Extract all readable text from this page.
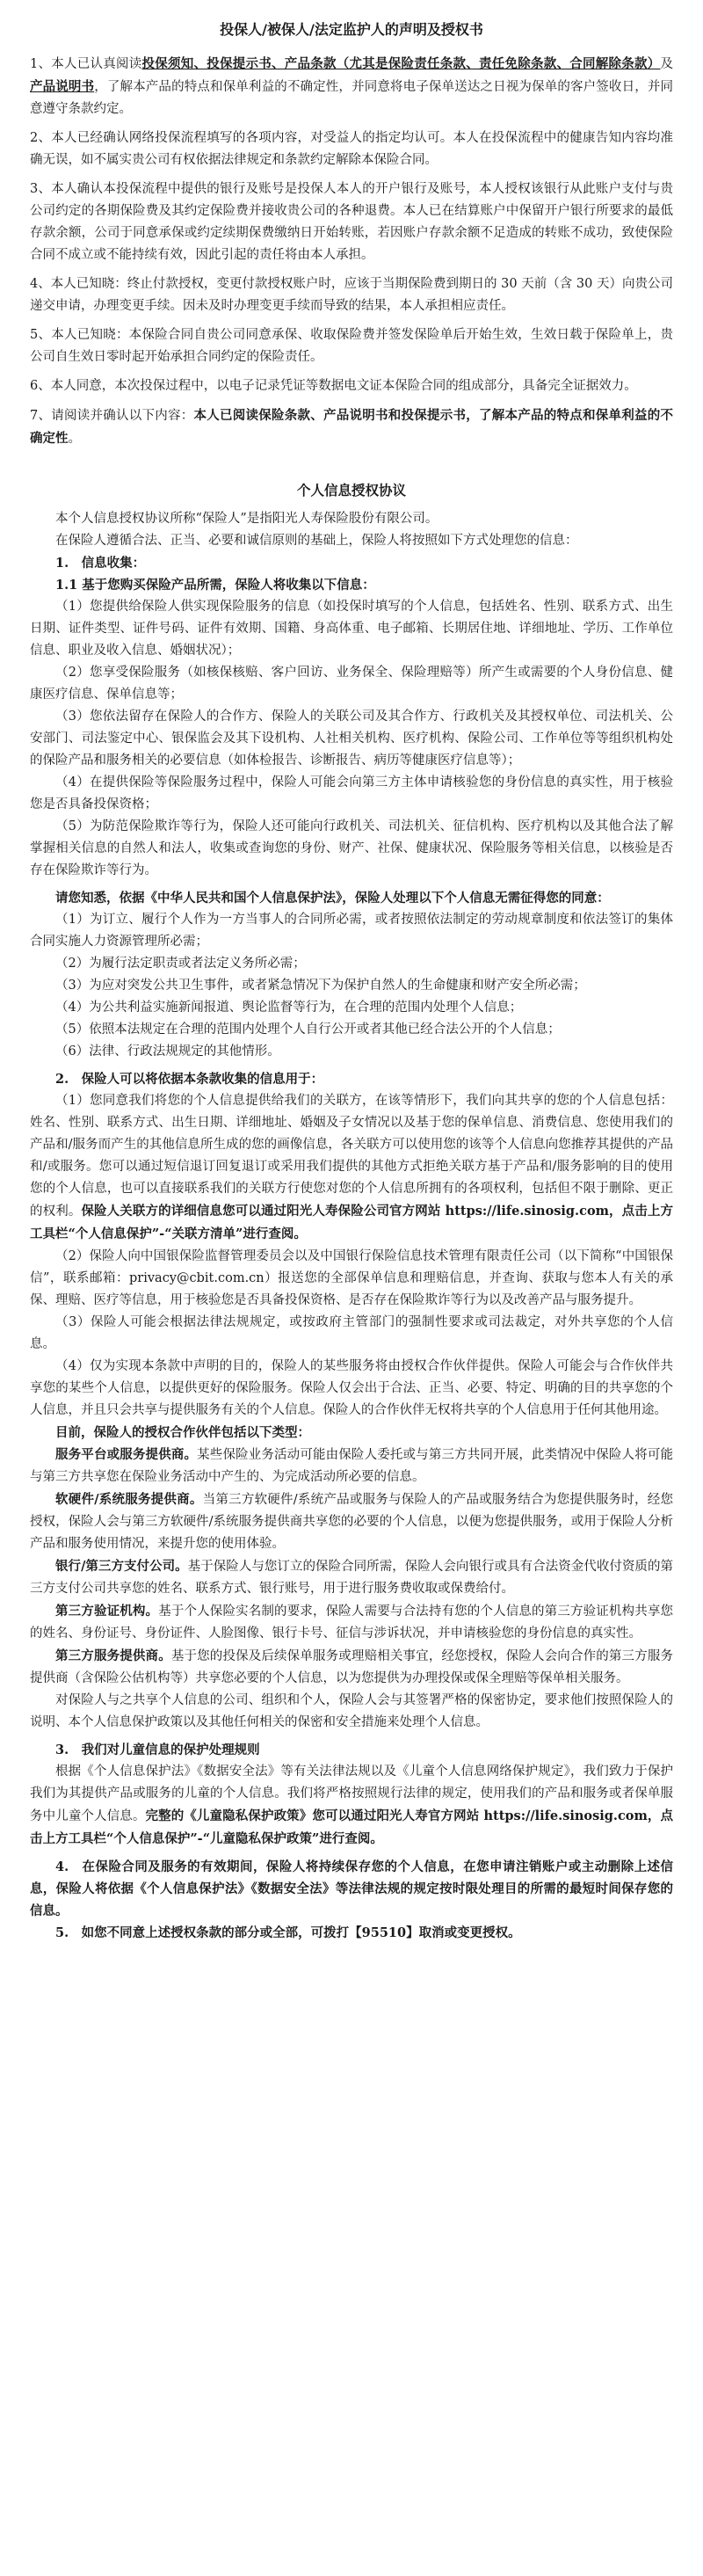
投保人/被保人/法定监护人的声明及授权书

1、本人已认真阅读投保须知、投保提示书、产品条款（尤其是保险责任条款、责任免除条款、合同解除条款）及产品说明书，了解本产品的特点和保单利益的不确定性，并同意将电子保单送达之日视为保单的客户签收日，并同意遵守条款约定。

2、本人已经确认网络投保流程填写的各项内容，对受益人的指定均认可。本人在投保流程中的健康告知内容均准确无误，如不属实贵公司有权依据法律规定和条款约定解除本保险合同。

3、本人确认本投保流程中提供的银行及账号是投保人本人的开户银行及账号，本人授权该银行从此账户支付与贵公司约定的各期保险费及其约定保险费并接收贵公司的各种退费。本人已在结算账户中保留开户银行所要求的最低存款余额，公司于同意承保或约定续期保费缴纳日开始转账，若因账户存款余额不足造成的转账不成功，致使保险合同不成立或不能持续有效，因此引起的责任将由本人承担。

4、本人已知晓：终止付款授权，变更付款授权账户时，应该于当期保险费到期日的 30 天前（含 30 天）向贵公司递交申请，办理变更手续。因未及时办理变更手续而导致的结果，本人承担相应责任。

5、本人已知晓：本保险合同自贵公司同意承保、收取保险费并签发保险单后开始生效，生效日载于保险单上，贵公司自生效日零时起开始承担合同约定的保险责任。

6、本人同意，本次投保过程中，以电子记录凭证等数据电文证本保险合同的组成部分，具备完全证据效力。

7、请阅读并确认以下内容：本人已阅读保险条款、产品说明书和投保提示书，了解本产品的特点和保单利益的不确定性。

个人信息授权协议

本个人信息授权协议所称“保险人”是指阳光人寿保险股份有限公司。

在保险人遵循合法、正当、必要和诚信原则的基础上，保险人将按照如下方式处理您的信息：

1.　信息收集：

1.1 基于您购买保险产品所需，保险人将收集以下信息：

（1）您提供给保险人供实现保险服务的信息（如投保时填写的个人信息，包括姓名、性别、联系方式、出生日期、证件类型、证件号码、证件有效期、国籍、身高体重、电子邮箱、长期居住地、详细地址、学历、工作单位信息、职业及收入信息、婚姻状况）；

（2）您享受保险服务（如核保核赔、客户回访、业务保全、保险理赔等）所产生或需要的个人身份信息、健康医疗信息、保单信息等；

（3）您依法留存在保险人的合作方、保险人的关联公司及其合作方、行政机关及其授权单位、司法机关、公安部门、司法鉴定中心、银保监会及其下设机构、人社相关机构、医疗机构、保险公司、工作单位等等组织机构处的保险产品和服务相关的必要信息（如体检报告、诊断报告、病历等健康医疗信息等）；

（4）在提供保险等保险服务过程中，保险人可能会向第三方主体申请核验您的身份信息的真实性，用于核验您是否具备投保资格；

（5）为防范保险欺诈等行为，保险人还可能向行政机关、司法机关、征信机构、医疗机构以及其他合法了解掌握相关信息的自然人和法人，收集或查询您的身份、财产、社保、健康状况、保险服务等相关信息，以核验是否存在保险欺诈等行为。

请您知悉，依据《中华人民共和国个人信息保护法》，保险人处理以下个人信息无需征得您的同意：

（1）为订立、履行个人作为一方当事人的合同所必需，或者按照依法制定的劳动规章制度和依法签订的集体合同实施人力资源管理所必需；

（2）为履行法定职责或者法定义务所必需；

（3）为应对突发公共卫生事件，或者紧急情况下为保护自然人的生命健康和财产安全所必需；

（4）为公共利益实施新闻报道、舆论监督等行为，在合理的范围内处理个人信息；

（5）依照本法规定在合理的范围内处理个人自行公开或者其他已经合法公开的个人信息；

（6）法律、行政法规规定的其他情形。

2.　保险人可以将依据本条款收集的信息用于：

（1）您同意我们将您的个人信息提供给我们的关联方，在该等情形下，我们向其共享的您的个人信息包括：姓名、性别、联系方式、出生日期、详细地址、婚姻及子女情况以及基于您的保单信息、消费信息、您使用我们的产品和/服务而产生的其他信息所生成的您的画像信息，各关联方可以使用您的该等个人信息向您推荐其提供的产品和/或服务。您可以通过短信退订回复退订或采用我们提供的其他方式拒绝关联方基于产品和/服务影响的目的使用您的个人信息，也可以直接联系我们的关联方行使您对您的个人信息所拥有的各项权利，包括但不限于删除、更正的权利。保险人关联方的详细信息您可以通过阳光人寿保险公司官方网站 https://life.sinosig.com，点击上方工具栏“个人信息保护”-“关联方清单”进行查阅。

（2）保险人向中国银保险监督管理委员会以及中国银行保险信息技术管理有限责任公司（以下简称“中国银保信”，联系邮箱：privacy@cbit.com.cn）报送您的全部保单信息和理赔信息，并查询、获取与您本人有关的承保、理赔、医疗等信息，用于核验您是否具备投保资格、是否存在保险欺诈等行为以及改善产品与服务提升。

（3）保险人可能会根据法律法规规定，或按政府主管部门的强制性要求或司法裁定，对外共享您的个人信息。

（4）仅为实现本条款中声明的目的，保险人的某些服务将由授权合作伙伴提供。保险人可能会与合作伙伴共享您的某些个人信息，以提供更好的保险服务。保险人仅会出于合法、正当、必要、特定、明确的目的共享您的个人信息，并且只会共享与提供服务有关的个人信息。保险人的合作伙伴无权将共享的个人信息用于任何其他用途。

目前，保险人的授权合作伙伴包括以下类型：

服务平台或服务提供商。某些保险业务活动可能由保险人委托或与第三方共同开展，此类情况中保险人将可能与第三方共享您在保险业务活动中产生的、为完成活动所必要的信息。

软硬件/系统服务提供商。当第三方软硬件/系统产品或服务与保险人的产品或服务结合为您提供服务时，经您授权，保险人会与第三方软硬件/系统服务提供商共享您的必要的个人信息，以便为您提供服务，或用于保险人分析产品和服务使用情况，来提升您的使用体验。

银行/第三方支付公司。基于保险人与您订立的保险合同所需，保险人会向银行或具有合法资金代收付资质的第三方支付公司共享您的姓名、联系方式、银行账号，用于进行服务费收取或保费给付。

第三方验证机构。基于个人保险实名制的要求，保险人需要与合法持有您的个人信息的第三方验证机构共享您的姓名、身份证号、身份证件、人脸图像、银行卡号、征信与涉诉状况，并申请核验您的身份信息的真实性。

第三方服务提供商。基于您的投保及后续保单服务或理赔相关事宜，经您授权，保险人会向合作的第三方服务提供商（含保险公估机构等）共享您必要的个人信息，以为您提供为办理投保或保全理赔等保单相关服务。

对保险人与之共享个人信息的公司、组织和个人，保险人会与其签署严格的保密协定，要求他们按照保险人的说明、本个人信息保护政策以及其他任何相关的保密和安全措施来处理个人信息。

3.　我们对儿童信息的保护处理规则

根据《个人信息保护法》《数据安全法》等有关法律法规以及《儿童个人信息网络保护规定》，我们致力于保护我们为其提供产品或服务的儿童的个人信息。我们将严格按照规行法律的规定，使用我们的产品和服务或者保单服务中儿童个人信息。完整的《儿童隐私保护政策》您可以通过阳光人寿官方网站 https://life.sinosig.com，点击上方工具栏“个人信息保护”-“儿童隐私保护政策”进行查阅。

4.　在保险合同及服务的有效期间，保险人将持续保存您的个人信息，在您申请注销账户或主动删除上述信息，保险人将依据《个人信息保护法》《数据安全法》等法律法规的规定按时限处理目的所需的最短时间保存您的信息。

5.　如您不同意上述授权条款的部分或全部，可拨打【95510】取消或变更授权。
